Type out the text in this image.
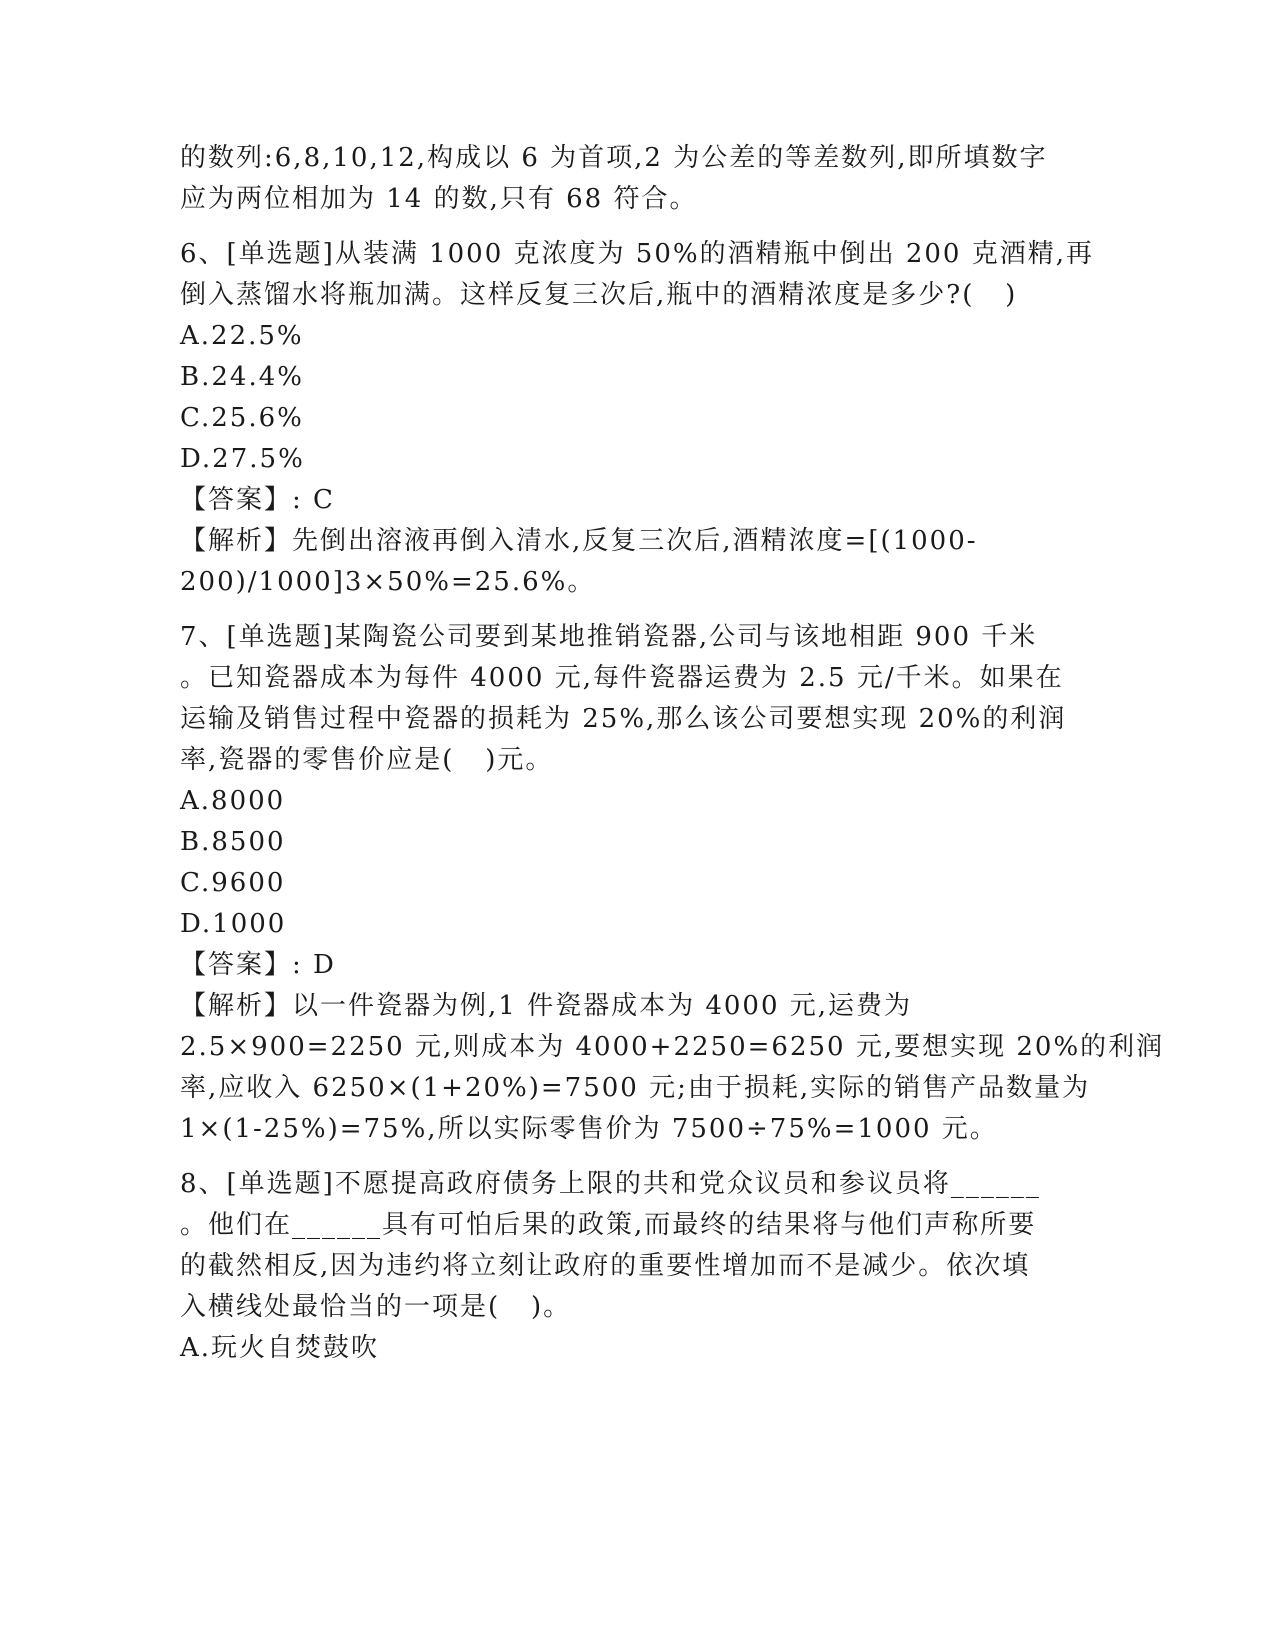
的数列:6,8,10,12,构成以 6 为首项,2 为公差的等差数列,即所填数字
应为两位相加为 14 的数,只有 68 符合。
6、[单选题]从装满 1000 克浓度为 50%的酒精瓶中倒出 200 克酒精,再
倒入蒸馏水将瓶加满。这样反复三次后,瓶中的酒精浓度是多少?(   )
A.22.5%
B.24.4%
C.25.6%
D.27.5%
【答案】: C
【解析】先倒出溶液再倒入清水,反复三次后,酒精浓度=[(1000-
200)/1000]3×50%=25.6%。
7、[单选题]某陶瓷公司要到某地推销瓷器,公司与该地相距 900 千米
。已知瓷器成本为每件 4000 元,每件瓷器运费为 2.5 元/千米。如果在
运输及销售过程中瓷器的损耗为 25%,那么该公司要想实现 20%的利润
率,瓷器的零售价应是(   )元。
A.8000
B.8500
C.9600
D.1000
【答案】: D
【解析】以一件瓷器为例,1 件瓷器成本为 4000 元,运费为
2.5×900=2250 元,则成本为 4000+2250=6250 元,要想实现 20%的利润
率,应收入 6250×(1+20%)=7500 元;由于损耗,实际的销售产品数量为
1×(1-25%)=75%,所以实际零售价为 7500÷75%=1000 元。
8、[单选题]不愿提高政府债务上限的共和党众议员和参议员将______
。他们在______具有可怕后果的政策,而最终的结果将与他们声称所要
的截然相反,因为违约将立刻让政府的重要性增加而不是减少。依次填
入横线处最恰当的一项是(   )。
A.玩火自焚鼓吹
